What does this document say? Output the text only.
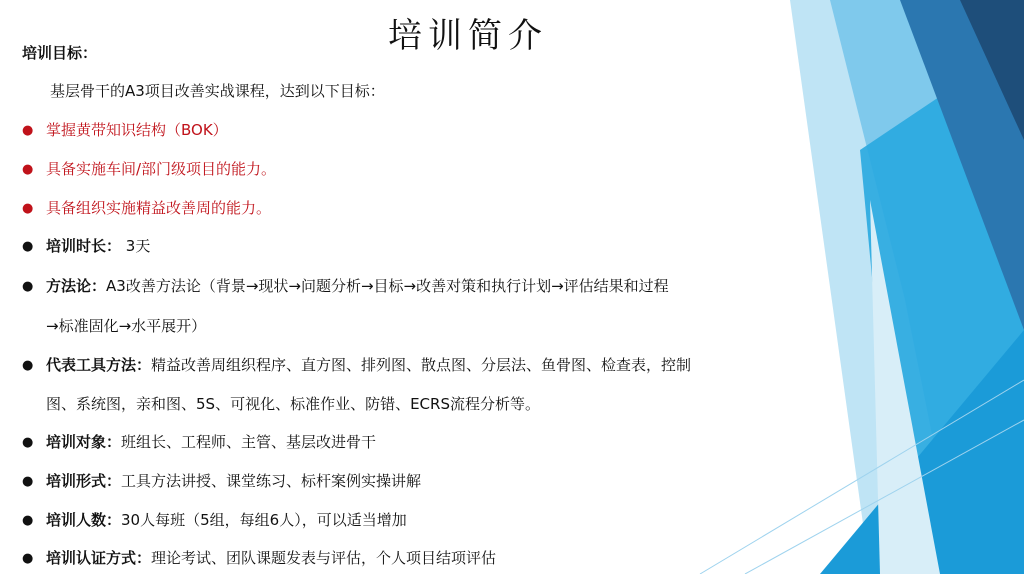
培训简介

培训目标：

基层骨干的A3项目改善实战课程，达到以下目标：

● 掌握黄带知识结构（BOK）

● 具备实施车间/部门级项目的能力。

● 具备组织实施精益改善周的能力。

● 培训时长： 3天

● 方法论：A3改善方法论（背景→现状→问题分析→目标→改善对策和执行计划→评估结果和过程

→标准固化→水平展开）

● 代表工具方法：精益改善周组织程序、直方图、排列图、散点图、分层法、鱼骨图、检查表，控制

图、系统图，亲和图、5S、可视化、标准作业、防错、ECRS流程分析等。

● 培训对象：班组长、工程师、主管、基层改进骨干

● 培训形式：工具方法讲授、课堂练习、标杆案例实操讲解

● 培训人数：30人每班（5组，每组6人），可以适当增加

● 培训认证方式：理论考试、团队课题发表与评估，个人项目结项评估
